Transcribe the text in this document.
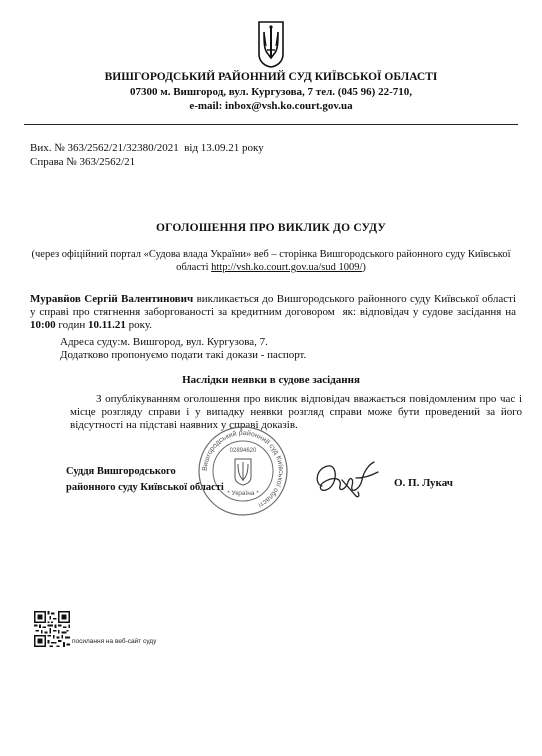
ВИШГОРОДСЬКИЙ РАЙОННИЙ СУД КИЇВСЬКОЇ ОБЛАСТІ
07300 м. Вишгород, вул. Кургузова, 7 тел. (045 96) 22-710,
e-mail: inbox@vsh.ko.court.gov.ua
Вих. № 363/2562/21/32380/2021  від 13.09.21 року
Справа № 363/2562/21
ОГОЛОШЕННЯ ПРО ВИКЛИК ДО СУДУ
(через офіційний портал «Судова влада України» веб – сторінка Вишгородського районного суду Київської області http://vsh.ko.court.gov.ua/sud 1009/)
Муравйов Сергій Валентинович викликається до Вишгородського районного суду Київської області  у справі про стягнення заборгованості за кредитним договором  як: відповідач у судове засідання на  10:00 годин 10.11.21 року.
Адреса суду:м. Вишгород, вул. Кургузова, 7.
Додатково пропонуємо подати такі докази - паспорт.
Наслідки неявки в судове засідання
З опублікуванням оголошення про виклик відповідач вважається повідомленим про час і місце розгляду справи і у випадку неявки розгляд справи може бути проведений за його відсутності на підставі наявних у справі доказів.
Вишгородський районний суд Київської області
02894620
* Україна *
Суддя Вишгородського
районного суду Київської області	О. П. Лукач
посилання на веб-сайт суду
